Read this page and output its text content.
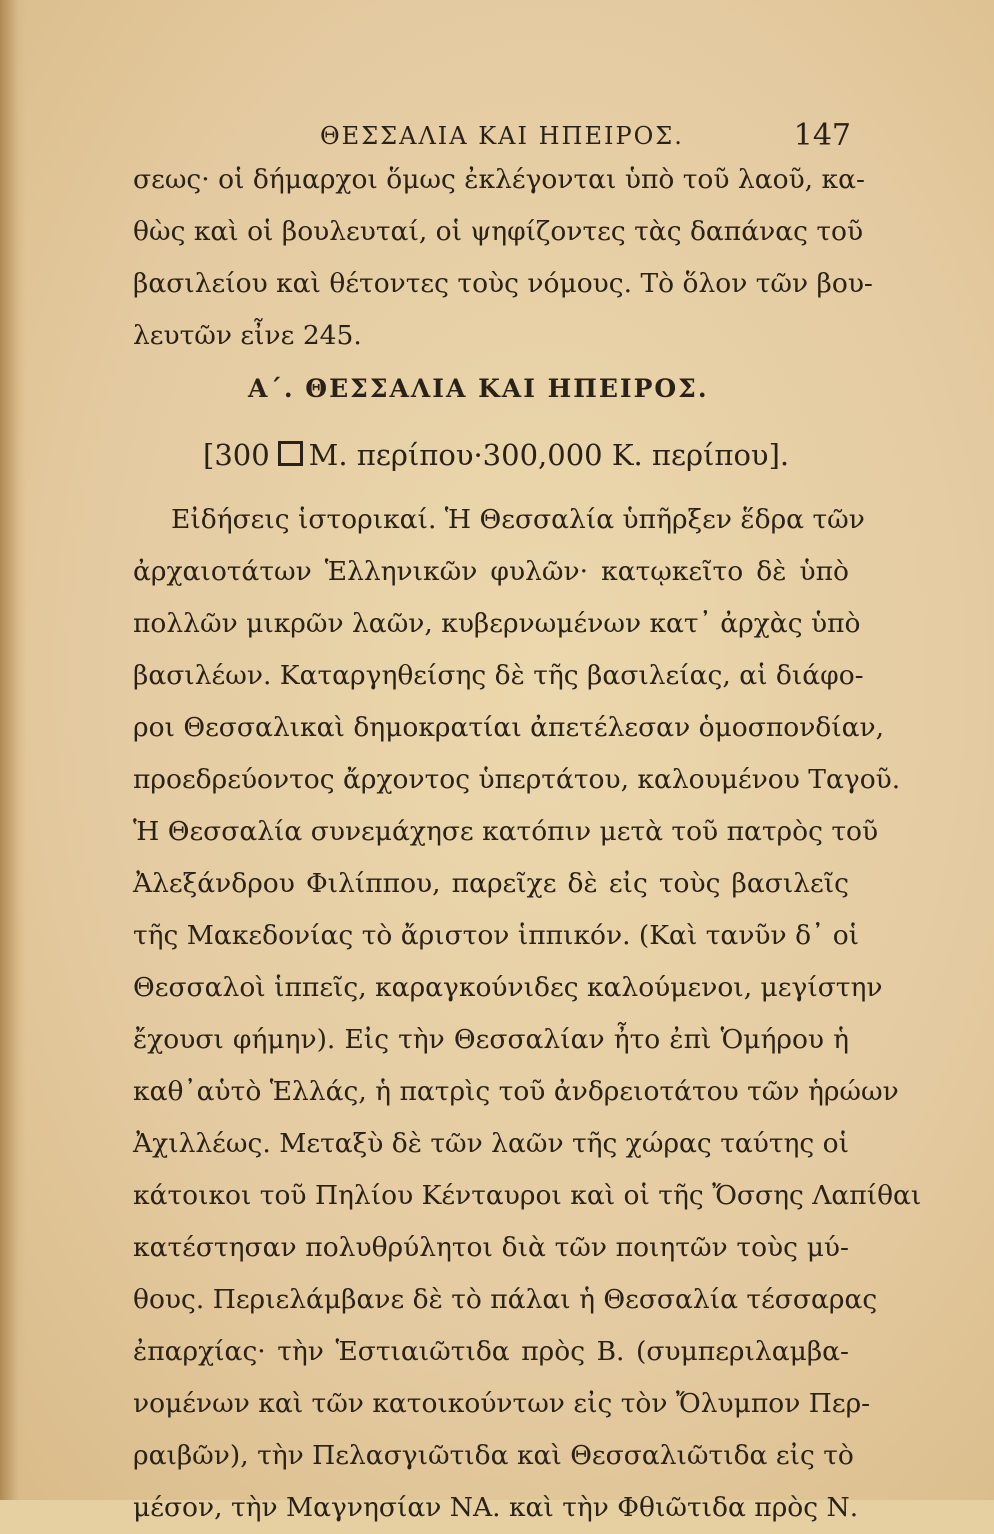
ΘΕΣΣΑΛΙΑ ΚΑΙ ΗΠΕΙΡΟΣ.	147
σεως· οἱ δήμαρχοι ὅμως ἐκλέγονται ὑπὸ τοῦ λαοῦ, κα-
θὼς καὶ οἱ βουλευταί, οἱ ψηφίζοντες τὰς δαπάνας τοῦ
βασιλείου καὶ θέτοντες τοὺς νόμους. Τὸ ὅλον τῶν βου-
λευτῶν εἶνε 245.
Α΄. ΘΕΣΣΑΛΙΑ ΚΑΙ ΗΠΕΙΡΟΣ.
[300 Μ. περίπου·300,000 Κ. περίπου].
Εἰδήσεις ἱστορικαί. Ἡ Θεσσαλία ὑπῆρξεν ἕδρα τῶν
ἀρχαιοτάτων Ἑλληνικῶν φυλῶν· κατῳκεῖτο δὲ ὑπὸ
πολλῶν μικρῶν λαῶν, κυβερνωμένων κατ᾽ ἀρχὰς ὑπὸ
βασιλέων. Καταργηθείσης δὲ τῆς βασιλείας, αἱ διάφο-
ροι Θεσσαλικαὶ δημοκρατίαι ἀπετέλεσαν ὁμοσπονδίαν,
προεδρεύοντος ἄρχοντος ὑπερτάτου, καλουμένου Ταγοῦ.
Ἡ Θεσσαλία συνεμάχησε κατόπιν μετὰ τοῦ πατρὸς τοῦ
Ἀλεξάνδρου Φιλίππου, παρεῖχε δὲ εἰς τοὺς βασιλεῖς
τῆς Μακεδονίας τὸ ἄριστον ἱππικόν. (Καὶ τανῦν δ᾽ οἱ
Θεσσαλοὶ ἱππεῖς, καραγκούνιδες καλούμενοι, μεγίστην
ἔχουσι φήμην). Εἰς τὴν Θεσσαλίαν ἦτο ἐπὶ Ὁμήρου ἡ
καθ᾽αὑτὸ Ἑλλάς, ἡ πατρὶς τοῦ ἀνδρειοτάτου τῶν ἡρώων
Ἀχιλλέως. Μεταξὺ δὲ τῶν λαῶν τῆς χώρας ταύτης οἱ
κάτοικοι τοῦ Πηλίου Κένταυροι καὶ οἱ τῆς Ὄσσης Λαπίθαι
κατέστησαν πολυθρύλητοι διὰ τῶν ποιητῶν τοὺς μύ-
θους. Περιελάμβανε δὲ τὸ πάλαι ἡ Θεσσαλία τέσσαρας
ἐπαρχίας· τὴν Ἑστιαιῶτιδα πρὸς Β. (συμπεριλαμβα-
νομένων καὶ τῶν κατοικούντων εἰς τὸν Ὄλυμπον Περ-
ραιβῶν), τὴν Πελασγιῶτιδα καὶ Θεσσαλιῶτιδα εἰς τὸ
μέσον, τὴν Μαγνησίαν ΝΑ. καὶ τὴν Φθιῶτιδα πρὸς Ν.
